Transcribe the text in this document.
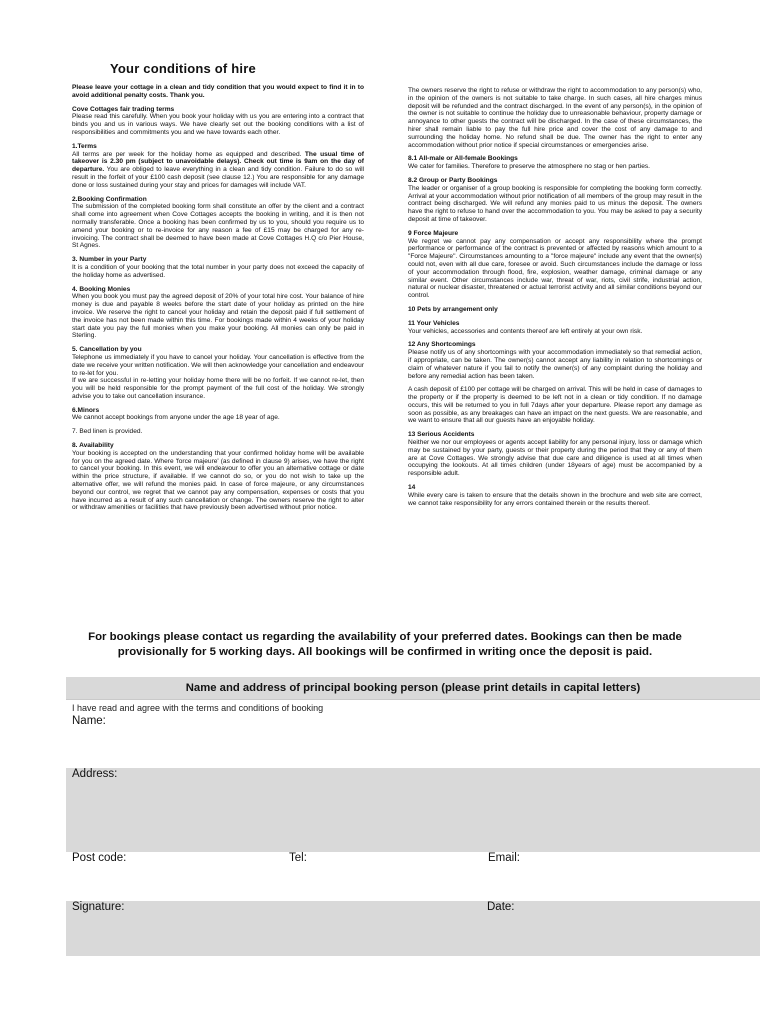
Your conditions of hire

Please leave your cottage in a clean and tidy condition that you would expect to find it in to avoid additional penalty costs. Thank you.

Cove Cottages fair trading terms

Please read this carefully. When you book your holiday with us you are entering into a contract that binds you and us in various ways. We have clearly set out the booking conditions with a list of responsibilities and commitments you and we have towards each other.

1.Terms

All terms are per week for the holiday home as equipped and described. The usual time of takeover is 2.30 pm (subject to unavoidable delays). Check out time is 9am on the day of departure. You are obliged to leave everything in a clean and tidy condition. Failure to do so will result in the forfeit of your £100 cash deposit (see clause 12.) You are responsible for any damage done or loss sustained during your stay and prices for damages will include VAT.

2.Booking Confirmation

The submission of the completed booking form shall constitute an offer by the client and a contract shall come into agreement when Cove Cottages accepts the booking in writing, and it is then not normally transferable. Once a booking has been confirmed by us to you, should you require us to amend your booking or to re-invoice for any reason a fee of £15 may be charged for any re-invoicing. The contract shall be deemed to have been made at Cove Cottages H.Q c/o Pier House, St Agnes.

3. Number in your Party

It is a condition of your booking that the total number in your party does not exceed the capacity of the holiday home as advertised.

4. Booking Monies

When you book you must pay the agreed deposit of 20% of your total hire cost. Your balance of hire money is due and payable 8 weeks before the start date of your holiday as printed on the hire invoice. We reserve the right to cancel your holiday and retain the deposit paid if full settlement of the invoice has not been made within this time. For bookings made within 4 weeks of your holiday start date you pay the full monies when you make your booking. All monies can only be paid in Sterling.

5. Cancellation by you

Telephone us immediately if you have to cancel your holiday. Your cancellation is effective from the date we receive your written notification. We will then acknowledge your cancellation and endeavour to re-let for you.

If we are successful in re-letting your holiday home there will be no forfeit. If we cannot re-let, then you will be held responsible for the prompt payment of the full cost of the holiday. We strongly advise you to take out cancellation insurance.

6.Minors

We cannot accept bookings from anyone under the age 18 year of age.

7. Bed linen is provided.

8. Availability

Your booking is accepted on the understanding that your confirmed holiday home will be available for you on the agreed date. Where 'force majeure' (as defined in clause 9) arises, we have the right to cancel your booking. In this event, we will endeavour to offer you an alternative cottage or date within the price structure, if available. If we cannot do so, or you do not wish to take up the alternative offer, we will refund the monies paid. In case of force majeure, or any circumstances beyond our control, we regret that we cannot pay any compensation, expenses or costs that you have incurred as a result of any such cancellation or change. The owners reserve the right to alter or withdraw amenities or facilities that have previously been advertised without prior notice.

The owners reserve the right to refuse or withdraw the right to accommodation to any person(s) who, in the opinion of the owners is not suitable to take charge. In such cases, all hire charges minus deposit will be refunded and the contract discharged. In the event of any person(s), in the opinion of the owner is not suitable to continue the holiday due to unreasonable behaviour, property damage or annoyance to other guests the contract will be discharged. In the case of these circumstances, the hirer shall remain liable to pay the full hire price and cover the cost of any damage to and surrounding the holiday home. No refund shall be due. The owner has the right to enter any accommodation without prior notice if special circumstances or emergencies arise.

8.1 All-male or All-female Bookings

We cater for families. Therefore to preserve the atmosphere no stag or hen parties.

8.2 Group or Party Bookings

The leader or organiser of a group booking is responsible for completing the booking form correctly. Arrival at your accommodation without prior notification of all members of the group may result in the contract being discharged. We will refund any monies paid to us minus the deposit. The owners have the right to refuse to hand over the accommodation to you. You may be asked to pay a security deposit at time of takeover.

9 Force Majeure

We regret we cannot pay any compensation or accept any responsibility where the prompt performance or performance of the contract is prevented or affected by reasons which amount to a "Force Majeure". Circumstances amounting to a "force majeure" include any event that the owner(s) could not, even with all due care, foresee or avoid. Such circumstances include the damage or loss of your accommodation through flood, fire, explosion, weather damage, criminal damage or any similar event. Other circumstances include war, threat of war, riots, civil strife, industrial action, natural or nuclear disaster, threatened or actual terrorist activity and all similar conditions beyond our control.

10 Pets by arrangement only
11 Your Vehicles

Your vehicles, accessories and contents thereof are left entirely at your own risk.

12 Any Shortcomings

Please notify us of any shortcomings with your accommodation immediately so that remedial action, if appropriate, can be taken. The owner(s) cannot accept any liability in relation to shortcomings or claim of whatever nature if you fail to notify the owner(s) of any complaint during the holiday and before any remedial action has been taken.

A cash deposit of £100 per cottage will be charged on arrival. This will be held in case of damages to the property or if the property is deemed to be left not in a clean or tidy condition. If no damage occurs, this will be returned to you in full 7days after your departure. Please report any damage as soon as possible, as any breakages can have an impact on the next guests. We are reasonable, and we want to ensure that all our guests have an enjoyable holiday.

13 Serious Accidents

Neither we nor our employees or agents accept liability for any personal injury, loss or damage which may be sustained by your party, guests or their property during the period that they or any of them are at Cove Cottages. We strongly advise that due care and diligence is used at all times when occupying the lookouts. At all times children (under 18years of age) must be accompanied by a responsible adult.

14

While every care is taken to ensure that the details shown in the brochure and web site are correct, we cannot take responsibility for any errors contained therein or the results thereof.

For bookings please contact us regarding the availability of your preferred dates. Bookings can then be made provisionally for 5 working days. All bookings will be confirmed in writing once the deposit is paid.
Name and address of principal booking person (please print details in capital letters)
I have read and agree with the terms and conditions of booking
Name:
Address:
Post code:	Tel:	Email:
Signature:	Date:
